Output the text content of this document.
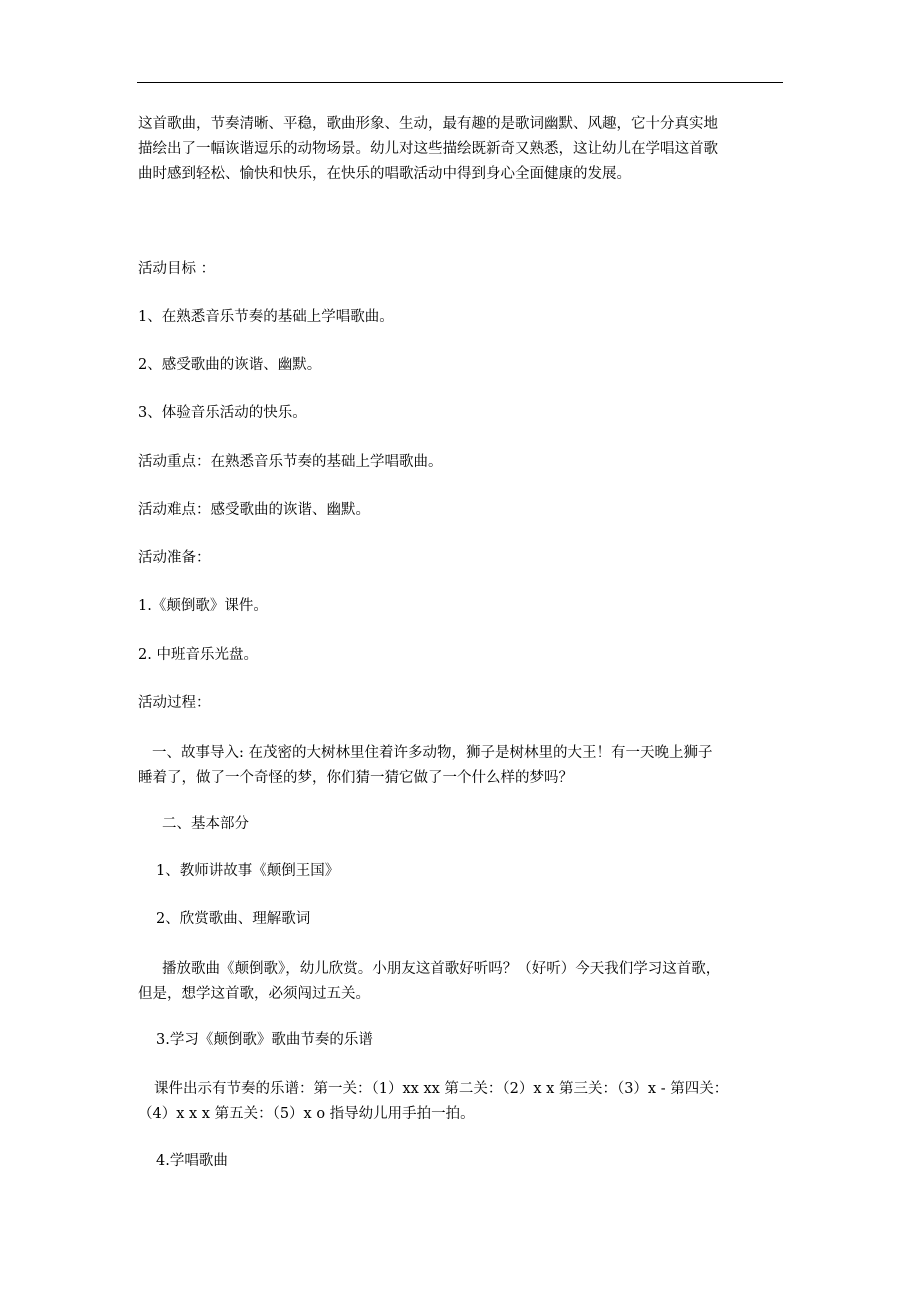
这首歌曲，节奏清晰、平稳，歌曲形象、生动，最有趣的是歌词幽默、风趣，它十分真实地
描绘出了一幅诙谐逗乐的动物场景。幼儿对这些描绘既新奇又熟悉，这让幼儿在学唱这首歌
曲时感到轻松、愉快和快乐，在快乐的唱歌活动中得到身心全面健康的发展。
活动目标 ：
1、在熟悉音乐节奏的基础上学唱歌曲。
2、感受歌曲的诙谐、幽默。
3、体验音乐活动的快乐。
活动重点：在熟悉音乐节奏的基础上学唱歌曲。
活动难点：感受歌曲的诙谐、幽默。
活动准备：
1.《颠倒歌》课件。
2. 中班音乐光盘。
活动过程：
一、故事导入: 在茂密的大树林里住着许多动物，狮子是树林里的大王！有一天晚上狮子
睡着了，做了一个奇怪的梦，你们猜一猜它做了一个什么样的梦吗？
二、基本部分
1、教师讲故事《颠倒王国》
2、欣赏歌曲、理解歌词
播放歌曲《颠倒歌》，幼儿欣赏。小朋友这首歌好听吗？（好听）今天我们学习这首歌，
但是，想学这首歌，必须闯过五关。
3.学习《颠倒歌》歌曲节奏的乐谱
课件出示有节奏的乐谱：第一关：（1）xx xx 第二关：（2）x x 第三关：（3）x - 第四关：
（4）x x x 第五关：（5）x o 指导幼儿用手拍一拍。
4.学唱歌曲
